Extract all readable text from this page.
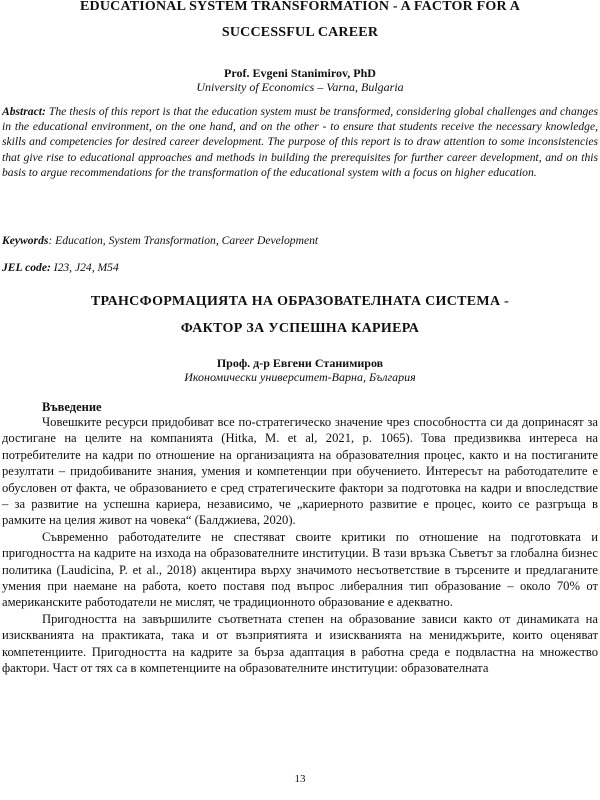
EDUCATIONAL SYSTEM TRANSFORMATION - A FACTOR FOR A
SUCCESSFUL CAREER
Prof. Evgeni Stanimirov, PhD
University of Economics – Varna, Bulgaria

Abstract: The thesis of this report is that the education system must be transformed, considering global challenges and changes in the educational environment, on the one hand, and on the other - to ensure that students receive the necessary knowledge, skills and competencies for desired career development. The purpose of this report is to draw attention to some inconsistencies that give rise to educational approaches and methods in building the prerequisites for further career development, and on this basis to argue recommendations for the transformation of the educational system with a focus on higher education.

Keywords: Education, System Transformation, Career Development

JEL code: I23, J24, M54

ТРАНСФОРМАЦИЯТА НА ОБРАЗОВАТЕЛНАТА СИСТЕМА -
ФАКТОР ЗА УСПЕШНА КАРИЕРА
Проф. д-р Евгени Станимиров
Икономически университет-Варна, България

Въведение

Човешките ресурси придобиват все по-стратегическо значение чрез способността си да допринасят за достигане на целите на компанията (Hitka, M. et al, 2021, p. 1065). Това предизвиква интереса на потребителите на кадри по отношение на организацията на образователния процес, както и на постиганите резултати – придобиваните знания, умения и компетенции при обучението. Интересът на работодателите е обусловен от факта, че образованието е сред стратегическите фактори за подготовка на кадри и впоследствие – за развитие на успешна кариера, независимо, че „кариерното развитие е процес, които се разгръща в рамките на целия живот на човека“ (Балджиева, 2020).

Съвременно работодателите не спестяват своите критики по отношение на подготовката и пригодността на кадрите на изхода на образователните институции. В тази връзка Съветът за глобална бизнес политика (Laudicina, P. et al., 2018) акцентира върху значимото несъответствие в търсените и предлаганите умения при наемане на работа, което поставя под въпрос либералния тип образование – около 70% от американските работодатели не мислят, че традиционното образование е адекватно.

Пригодността на завършилите съответната степен на образование зависи както от динамиката на изискванията на практиката, така и от възприятията и изискванията на мениджърите, които оценяват компетенциите. Пригодността на кадрите за бърза адаптация в работна среда е подвластна на множество фактори. Част от тях са в компетенциите на образователните институции: образователната

13
